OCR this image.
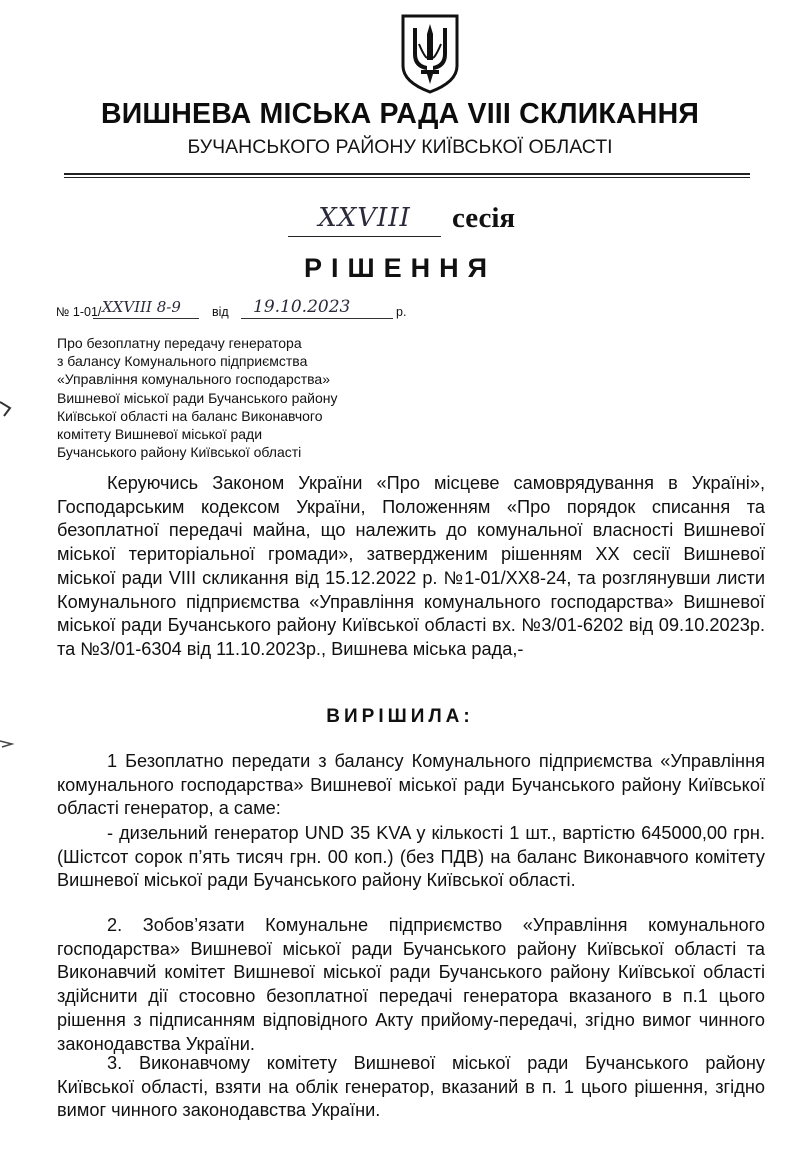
ВИШНЕВА МІСЬКА РАДА VIII СКЛИКАННЯ
БУЧАНСЬКОГО РАЙОНУ КИЇВСЬКОЇ ОБЛАСТІ
XXVIII	сесія
РІШЕННЯ
№ 1-01/ XXVIII 8-9 від 19.10.2023	р.
Про безоплатну передачу генератора
з балансу Комунального підприємства
«Управління комунального господарства»
Вишневої міської ради Бучанського району
Київської області на баланс Виконавчого
комітету Вишневої міської ради
Бучанського району Київської області
Керуючись Законом України «Про місцеве самоврядування в Україні», Господарським кодексом України, Положенням «Про порядок списання та безоплатної передачі майна, що належить до комунальної власності Вишневої міської територіальної громади», затвердженим рішенням XX сесії Вишневої міської ради VIII скликання від 15.12.2022 р. №1-01/XX8-24, та розглянувши листи Комунального підприємства «Управління комунального господарства» Вишневої міської ради Бучанського району Київської області вх. №3/01-6202 від 09.10.2023р. та №3/01-6304 від 11.10.2023р., Вишнева міська рада,-
ВИРІШИЛА:
1 Безоплатно передати з балансу Комунального підприємства «Управління комунального господарства» Вишневої міської ради Бучанського району Київської області генератор, а саме:
- дизельний генератор UND 35 KVA у кількості 1 шт., вартістю 645000,00 грн. (Шістсот сорок п’ять тисяч грн. 00 коп.) (без ПДВ) на баланс Виконавчого комітету Вишневої міської ради Бучанського району Київської області.
2. Зобов’язати Комунальне підприємство «Управління комунального господарства» Вишневої міської ради Бучанського району Київської області та Виконавчий комітет Вишневої міської ради Бучанського району Київської області здійснити дії стосовно безоплатної передачі генератора вказаного в п.1 цього рішення з підписанням відповідного Акту прийому-передачі, згідно вимог чинного законодавства України.
3. Виконавчому комітету Вишневої міської ради Бучанського району Київської області, взяти на облік генератор, вказаний в п. 1 цього рішення, згідно вимог чинного законодавства України.
